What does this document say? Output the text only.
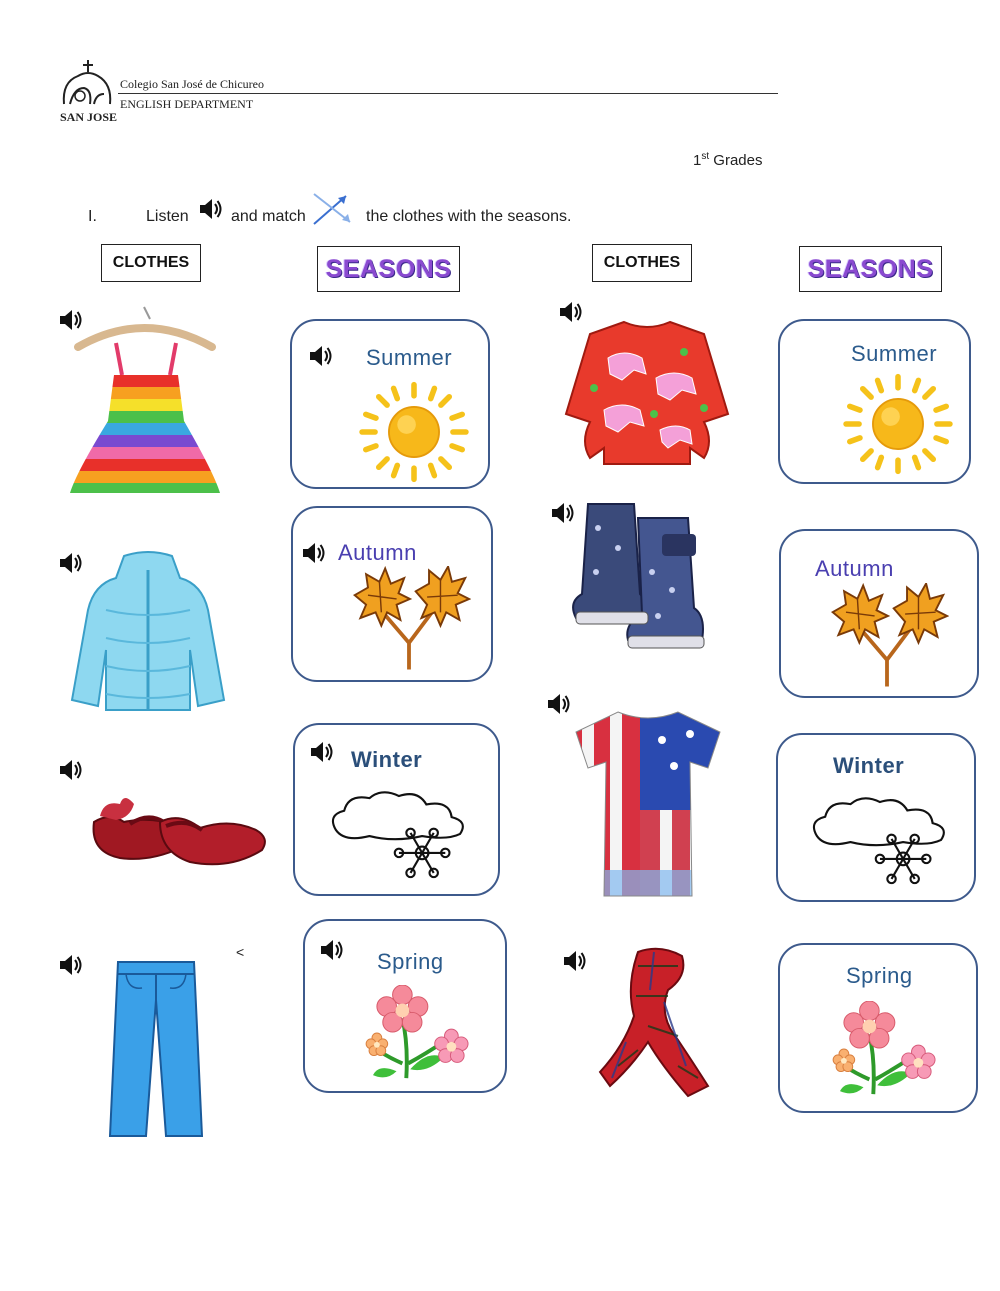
SAN JOSE
Colegio San José de Chicureo
ENGLISH DEPARTMENT
1st Grades
I.	Listen	and match	the clothes with the seasons.
CLOTHES	SEASONS	CLOTHES	SEASONS
<
Summer
Autumn
Winter
Spring
Summer
Autumn
Winter
Spring
